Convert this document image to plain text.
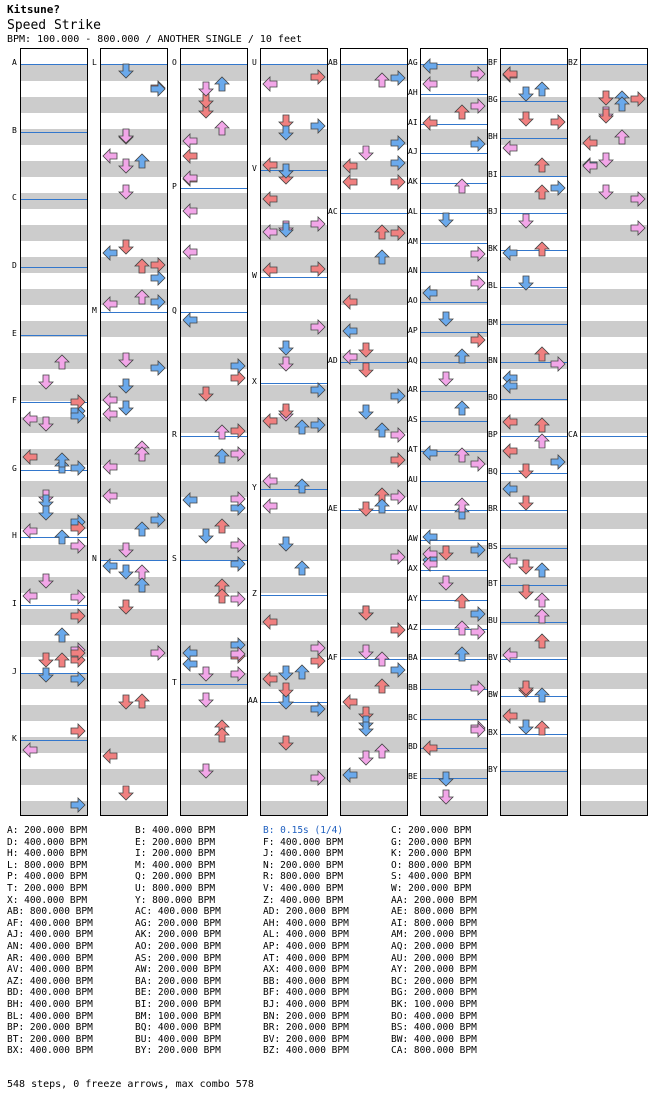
Kitsune?
Speed Strike
BPM: 100.000 - 800.000 / ANOTHER SINGLE / 10 feet
A
B
C
D
E
F
G
H
I
J
K
L
M
N
O
P
Q
R
S
T
U
V
W
X
Y
Z
AA
AB
AC
AD
AE
AF
AG
AH
AI
AJ
AK
AL
AM
AN
AO
AP
AQ
AR
AS
AT
AU
AV
AW
AX
AY
AZ
BA
BB
BC
BD
BE
BF
BG
BH
BI
BJ
BK
BL
BM
BN
BO
BP
BQ
BR
BS
BT
BU
BV
BW
BX
BY
BZ
CA
A: 200.000 BPM	B: 400.000 BPM	B: 0.15s (1/4)	C: 200.000 BPM
D: 400.000 BPM	E: 200.000 BPM	F: 400.000 BPM	G: 200.000 BPM
H: 400.000 BPM	I: 200.000 BPM	J: 400.000 BPM	K: 200.000 BPM
L: 800.000 BPM	M: 400.000 BPM	N: 200.000 BPM	O: 800.000 BPM
P: 400.000 BPM	Q: 200.000 BPM	R: 800.000 BPM	S: 400.000 BPM
T: 200.000 BPM	U: 800.000 BPM	V: 400.000 BPM	W: 200.000 BPM
X: 400.000 BPM	Y: 800.000 BPM	Z: 400.000 BPM	AA: 200.000 BPM
AB: 800.000 BPM	AC: 400.000 BPM	AD: 200.000 BPM	AE: 800.000 BPM
AF: 400.000 BPM	AG: 200.000 BPM	AH: 400.000 BPM	AI: 800.000 BPM
AJ: 400.000 BPM	AK: 200.000 BPM	AL: 400.000 BPM	AM: 200.000 BPM
AN: 400.000 BPM	AO: 200.000 BPM	AP: 400.000 BPM	AQ: 200.000 BPM
AR: 400.000 BPM	AS: 200.000 BPM	AT: 400.000 BPM	AU: 200.000 BPM
AV: 400.000 BPM	AW: 200.000 BPM	AX: 400.000 BPM	AY: 200.000 BPM
AZ: 400.000 BPM	BA: 200.000 BPM	BB: 400.000 BPM	BC: 200.000 BPM
BD: 400.000 BPM	BE: 200.000 BPM	BF: 400.000 BPM	BG: 200.000 BPM
BH: 400.000 BPM	BI: 200.000 BPM	BJ: 400.000 BPM	BK: 100.000 BPM
BL: 400.000 BPM	BM: 100.000 BPM	BN: 200.000 BPM	BO: 400.000 BPM
BP: 200.000 BPM	BQ: 400.000 BPM	BR: 200.000 BPM	BS: 400.000 BPM
BT: 200.000 BPM	BU: 400.000 BPM	BV: 200.000 BPM	BW: 400.000 BPM
BX: 400.000 BPM	BY: 200.000 BPM	BZ: 400.000 BPM	CA: 800.000 BPM
548 steps, 0 freeze arrows, max combo 578
